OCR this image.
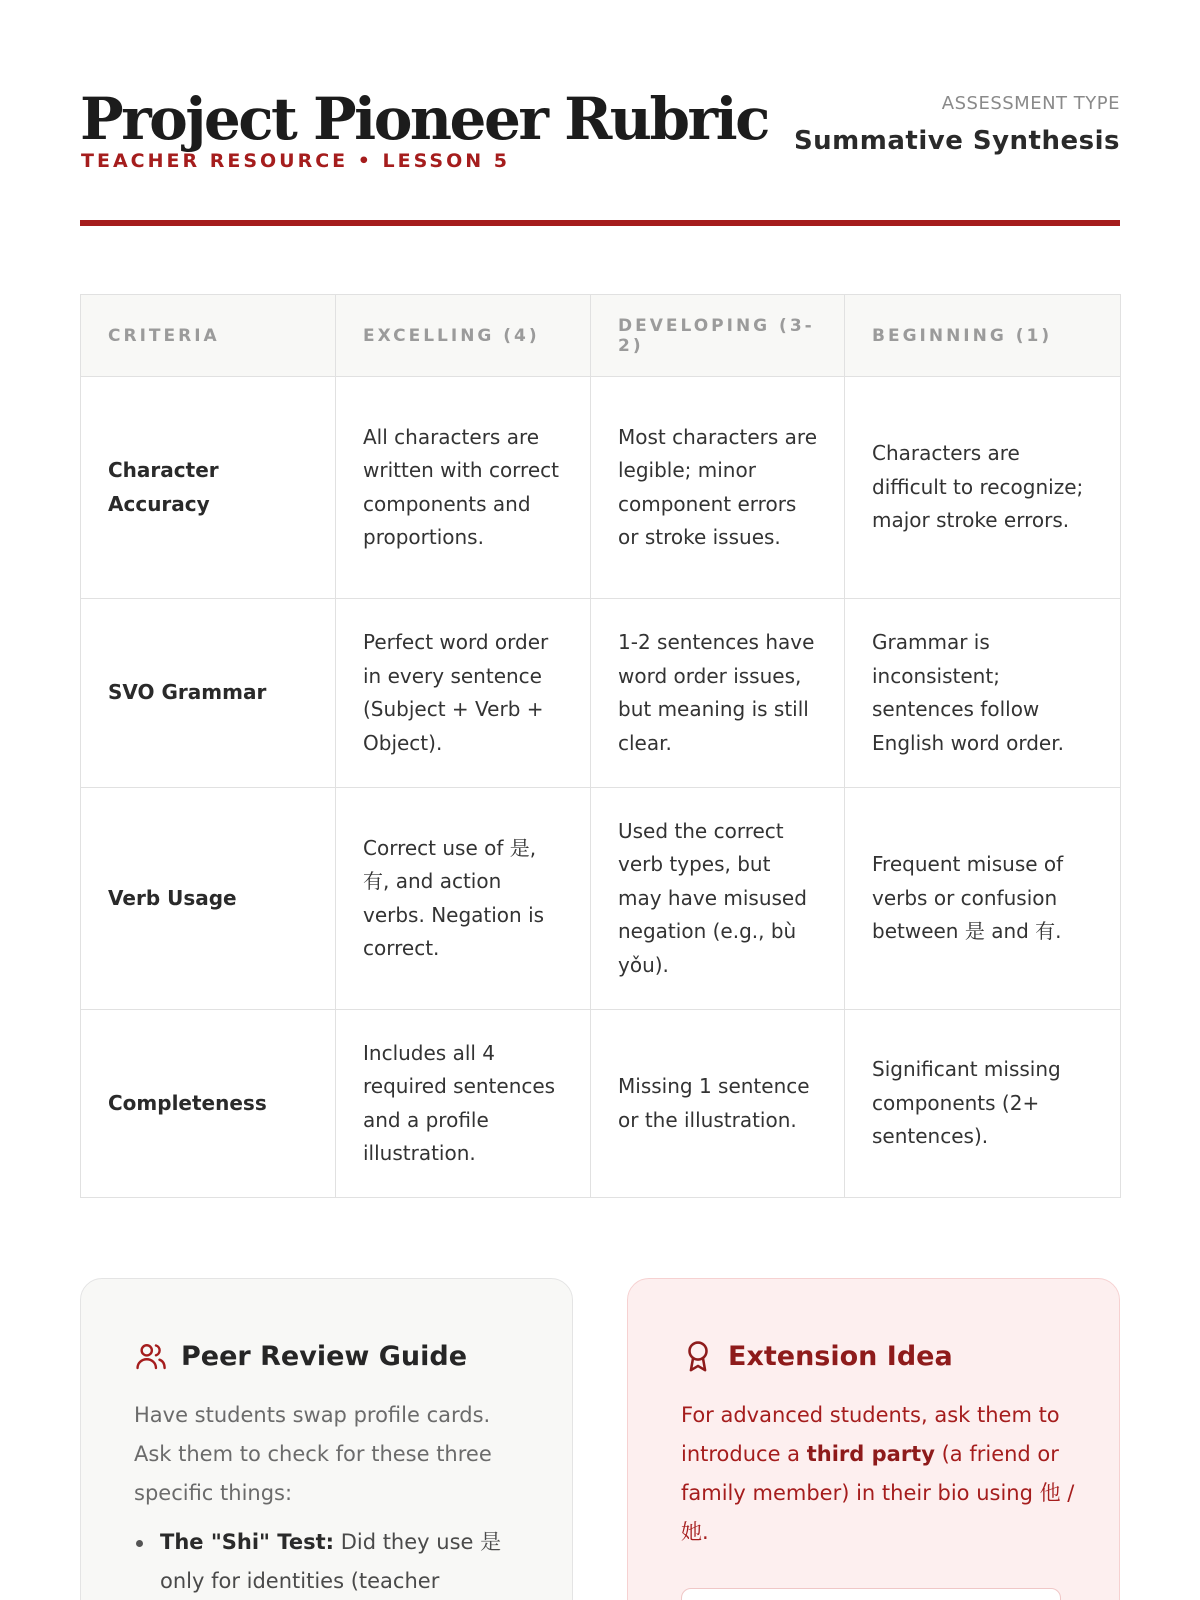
Project Pioneer Rubric
TEACHER RESOURCE • LESSON 5
ASSESSMENT TYPE
Summative Synthesis
CRITERIA	EXCELLING (4)	DEVELOPING (3-2)	BEGINNING (1)
Character Accuracy	All characters are written with correct components and proportions.	Most characters are legible; minor component errors or stroke issues.	Characters are difficult to recognize; major stroke errors.
SVO Grammar	Perfect word order in every sentence (Subject + Verb + Object).	1-2 sentences have word order issues, but meaning is still clear.	Grammar is inconsistent; sentences follow English word order.
Verb Usage	Correct use of 是, 有, and action verbs. Negation is correct.	Used the correct verb types, but may have misused negation (e.g., bù yǒu).	Frequent misuse of verbs or confusion between 是 and 有.
Completeness	Includes all 4 required sentences and a profile illustration.	Missing 1 sentence or the illustration.	Significant missing components (2+ sentences).
Peer Review Guide

Have students swap profile cards. Ask them to check for these three specific things:

The "Shi" Test: Did they use 是 only for identities (teacher
Extension Idea

For advanced students, ask them to introduce a third party (a friend or family member) in their bio using 他 / 她.
